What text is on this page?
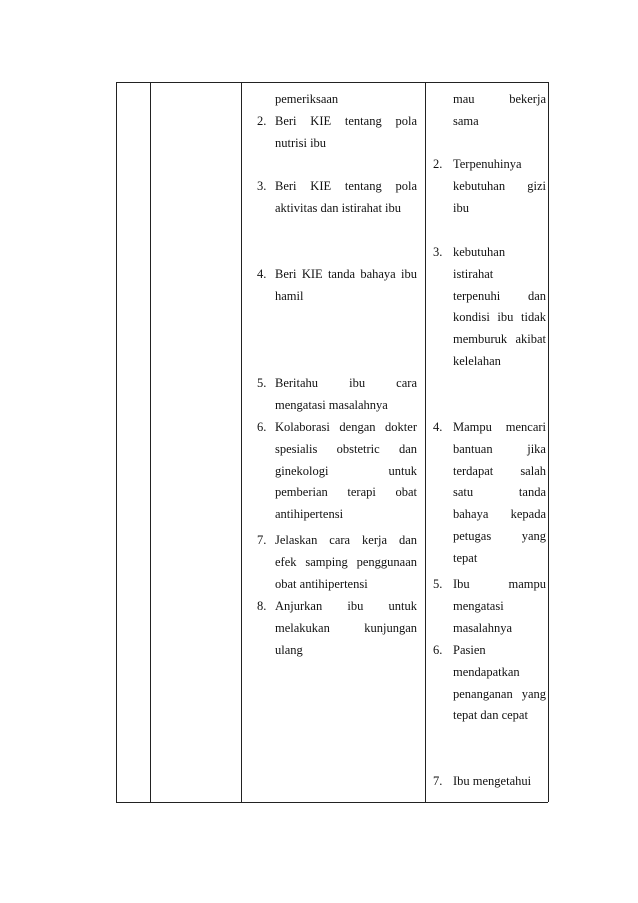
pemeriksaan
2. Beri KIE tentang pola
nutrisi ibu
3. Beri KIE tentang pola
aktivitas dan istirahat ibu
4. Beri KIE tanda bahaya ibu
hamil
5. Beritahu ibu cara
mengatasi masalahnya
6. Kolaborasi dengan dokter
spesialis obstetric dan
ginekologi untuk
pemberian terapi obat
antihipertensi
7. Jelaskan cara kerja dan
efek samping penggunaan
obat antihipertensi
8. Anjurkan ibu untuk
melakukan kunjungan
ulang
mau bekerja
sama
2. Terpenuhinya
kebutuhan gizi
ibu
3. kebutuhan
istirahat
terpenuhi dan
kondisi ibu tidak
memburuk akibat
kelelahan
4. Mampu mencari
bantuan jika
terdapat salah
satu tanda
bahaya kepada
petugas yang
tepat
5. Ibu mampu
mengatasi
masalahnya
6. Pasien
mendapatkan
penanganan yang
tepat dan cepat
7. Ibu mengetahui
